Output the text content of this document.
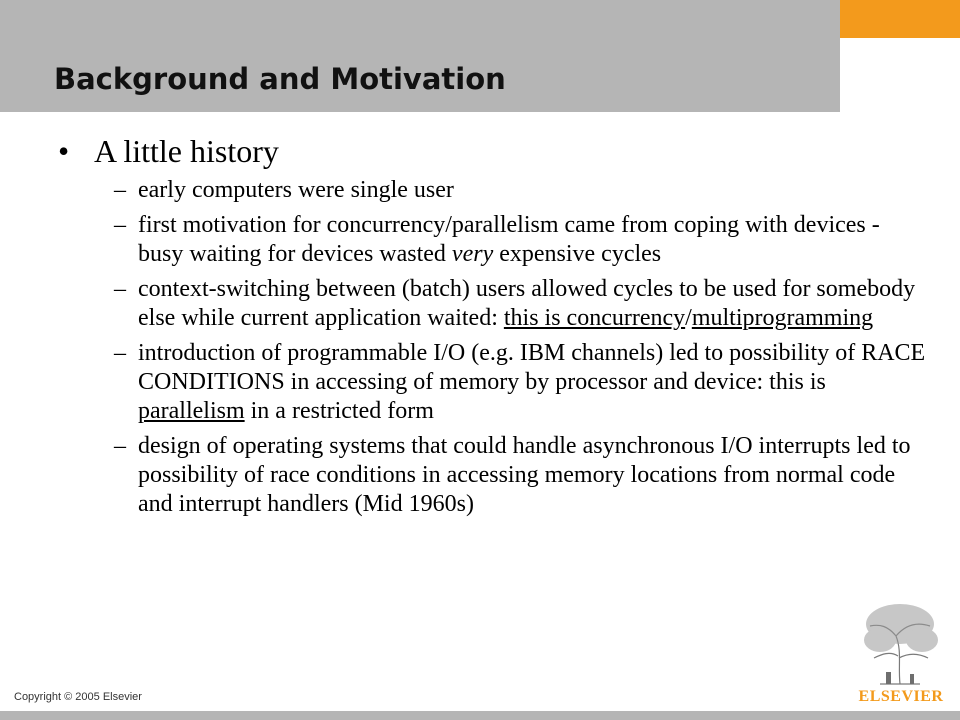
Background and Motivation
• A little history
– early computers were single user
– first motivation for concurrency/parallelism came from coping with devices - busy waiting for devices wasted very expensive cycles
– context-switching between (batch) users allowed cycles to be used for somebody else while current application waited: this is concurrency/multiprogramming
– introduction of programmable I/O (e.g. IBM channels) led to possibility of RACE CONDITIONS in accessing of memory by processor and device: this is parallelism in a restricted form
– design of operating systems that could handle asynchronous I/O interrupts led to possibility of race conditions in accessing memory locations from normal code and interrupt handlers (Mid 1960s)
Copyright © 2005 Elsevier	ELSEVIER
